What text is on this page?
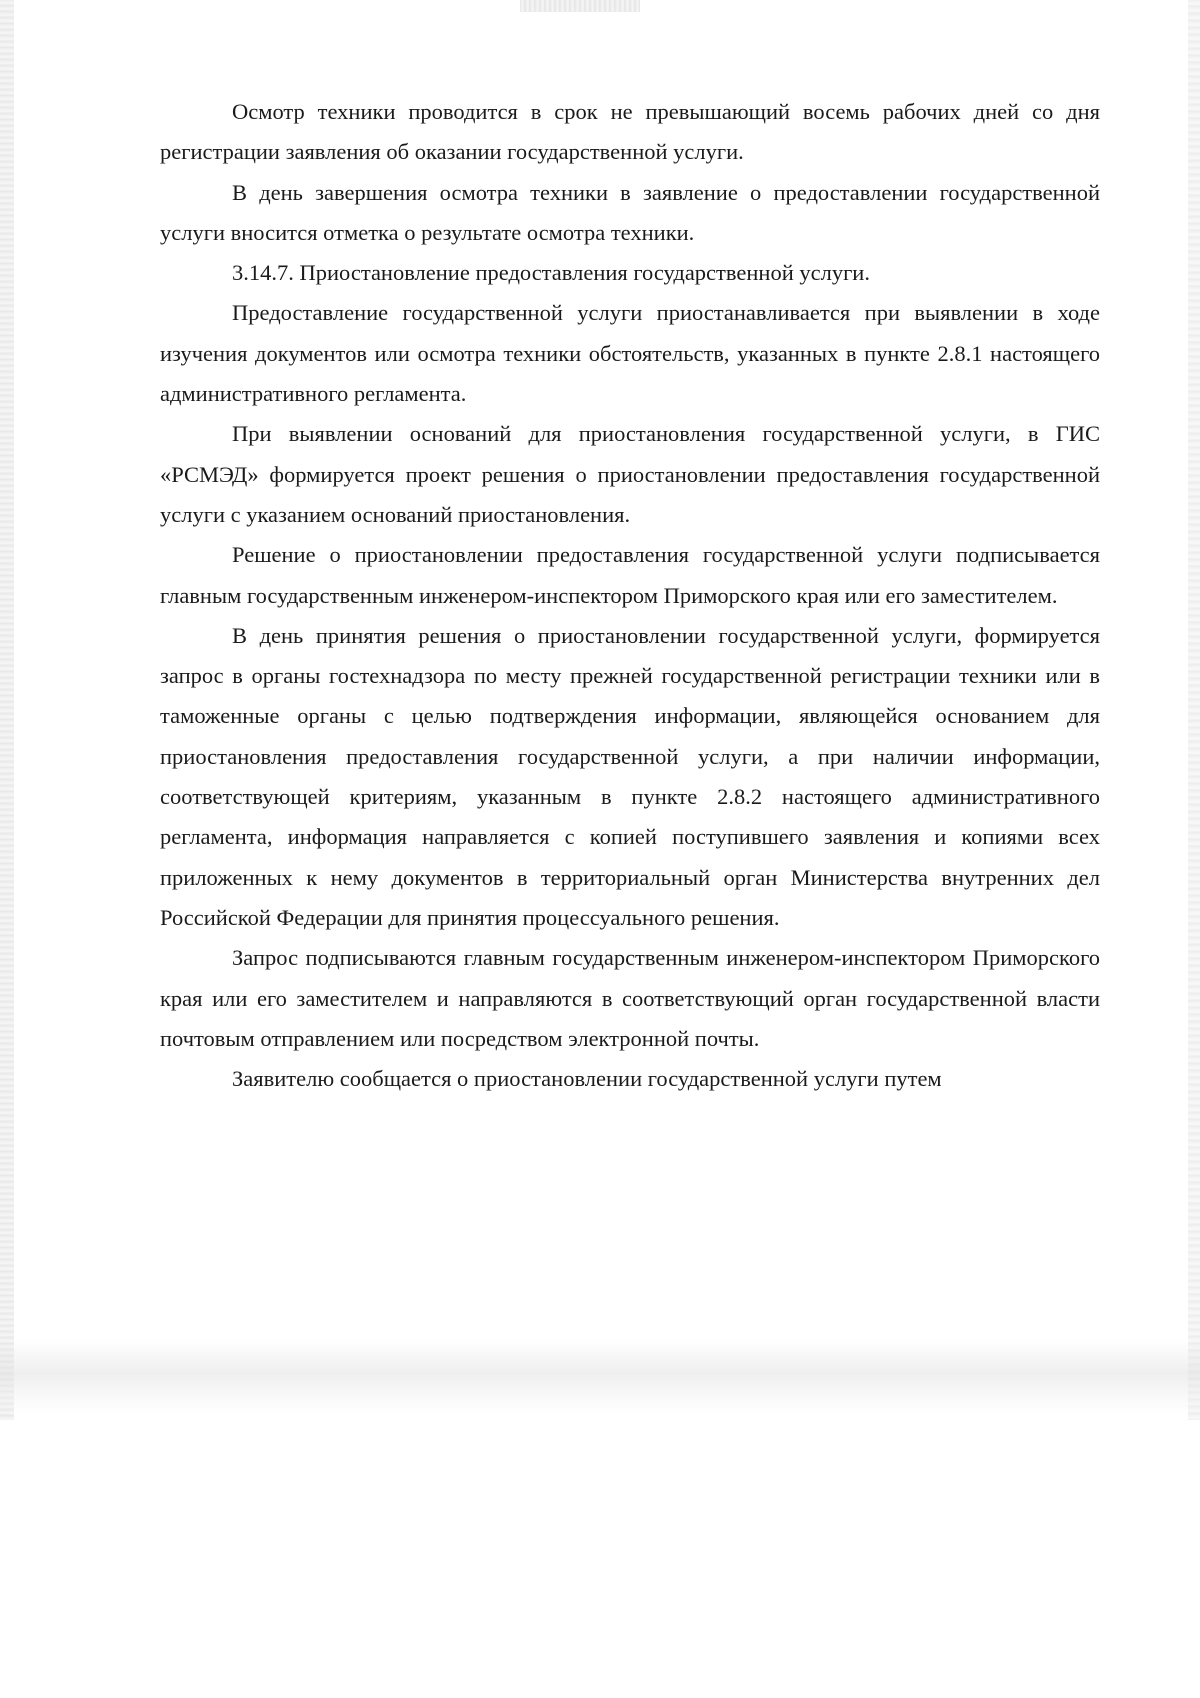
Осмотр техники проводится в срок не превышающий восемь рабочих дней со дня регистрации заявления об оказании государственной услуги.

В день завершения осмотра техники в заявление о предоставлении государственной услуги вносится отметка о результате осмотра техники.

3.14.7. Приостановление предоставления государственной услуги.

Предоставление государственной услуги приостанавливается при выявлении в ходе изучения документов или осмотра техники обстоятельств, указанных в пункте 2.8.1 настоящего административного регламента.

При выявлении оснований для приостановления государственной услуги, в ГИС «РСМЭД» формируется проект решения о приостановлении предоставления государственной услуги с указанием оснований приостановления.

Решение о приостановлении предоставления государственной услуги подписывается главным государственным инженером-инспектором Приморского края или его заместителем.

В день принятия решения о приостановлении государственной услуги, формируется запрос в органы гостехнадзора по месту прежней государственной регистрации техники или в таможенные органы с целью подтверждения информации, являющейся основанием для приостановления предоставления государственной услуги, а при наличии информации, соответствующей критериям, указанным в пункте 2.8.2 настоящего административного регламента, информация направляется с копией поступившего заявления и копиями всех приложенных к нему документов в территориальный орган Министерства внутренних дел Российской Федерации для принятия процессуального решения.

Запрос подписываются главным государственным инженером-инспектором Приморского края или его заместителем и направляются в соответствующий орган государственной власти почтовым отправлением или посредством электронной почты.

Заявителю сообщается о приостановлении государственной услуги путем
